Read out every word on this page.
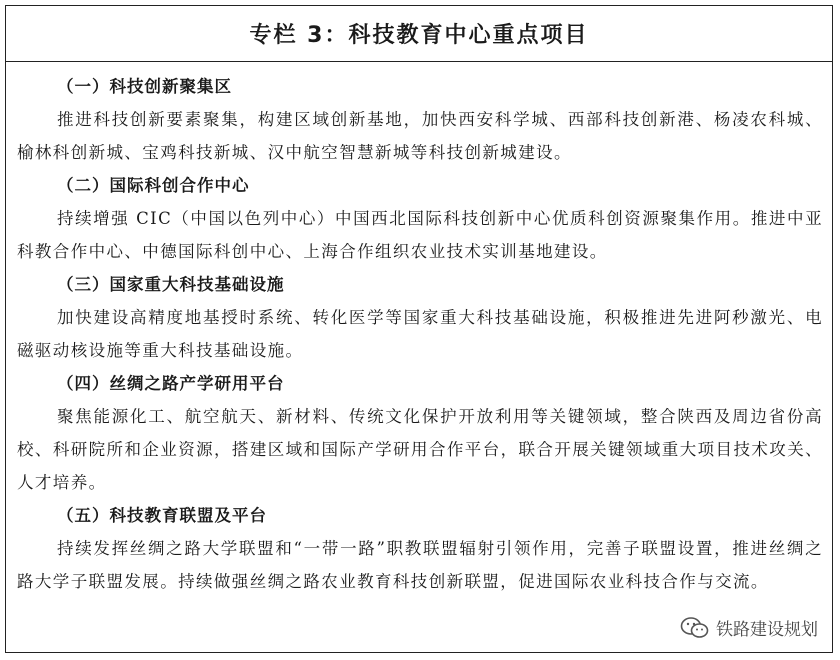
专栏 3：科技教育中心重点项目
（一）科技创新聚集区

推进科技创新要素聚集，构建区域创新基地，加快西安科学城、西部科技创新港、杨凌农科城、榆林科创新城、宝鸡科技新城、汉中航空智慧新城等科技创新城建设。

（二）国际科创合作中心

持续增强 CIC（中国以色列中心）中国西北国际科技创新中心优质科创资源聚集作用。推进中亚科教合作中心、中德国际科创中心、上海合作组织农业技术实训基地建设。

（三）国家重大科技基础设施

加快建设高精度地基授时系统、转化医学等国家重大科技基础设施，积极推进先进阿秒激光、电磁驱动核设施等重大科技基础设施。

（四）丝绸之路产学研用平台

聚焦能源化工、航空航天、新材料、传统文化保护开放利用等关键领域，整合陕西及周边省份高校、科研院所和企业资源，搭建区域和国际产学研用合作平台，联合开展关键领域重大项目技术攻关、人才培养。

（五）科技教育联盟及平台

持续发挥丝绸之路大学联盟和“一带一路”职教联盟辐射引领作用，完善子联盟设置，推进丝绸之路大学子联盟发展。持续做强丝绸之路农业教育科技创新联盟，促进国际农业科技合作与交流。

铁路建设规划
